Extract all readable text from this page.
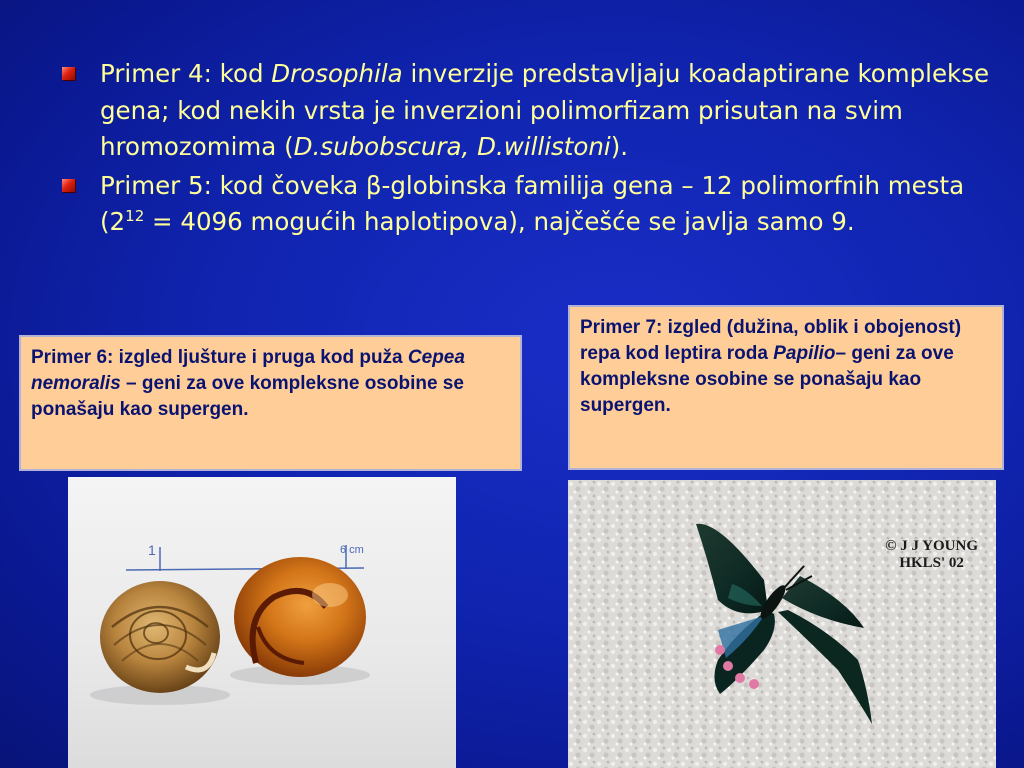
Primer 4: kod Drosophila inverzije predstavljaju koadaptirane komplekse gena; kod nekih vrsta je inverzioni polimorfizam prisutan na svim hromozomima (D.subobscura, D.willistoni).
Primer 5: kod čoveka β-globinska familija gena – 12 polimorfnih mesta ($2^{12} = 4096$ mogućih haplotipova), najčešće se javlja samo 9.
Primer 6: izgled ljušture i pruga kod puža Cepea nemoralis – geni za ove kompleksne osobine se ponašaju kao supergen.
Primer 7: izgled (dužina, oblik i obojenost) repa kod leptira roda Papilio– geni za ove kompleksne osobine se ponašaju kao supergen.
1	6 cm	© J J YOUNG
HKLS' 02
